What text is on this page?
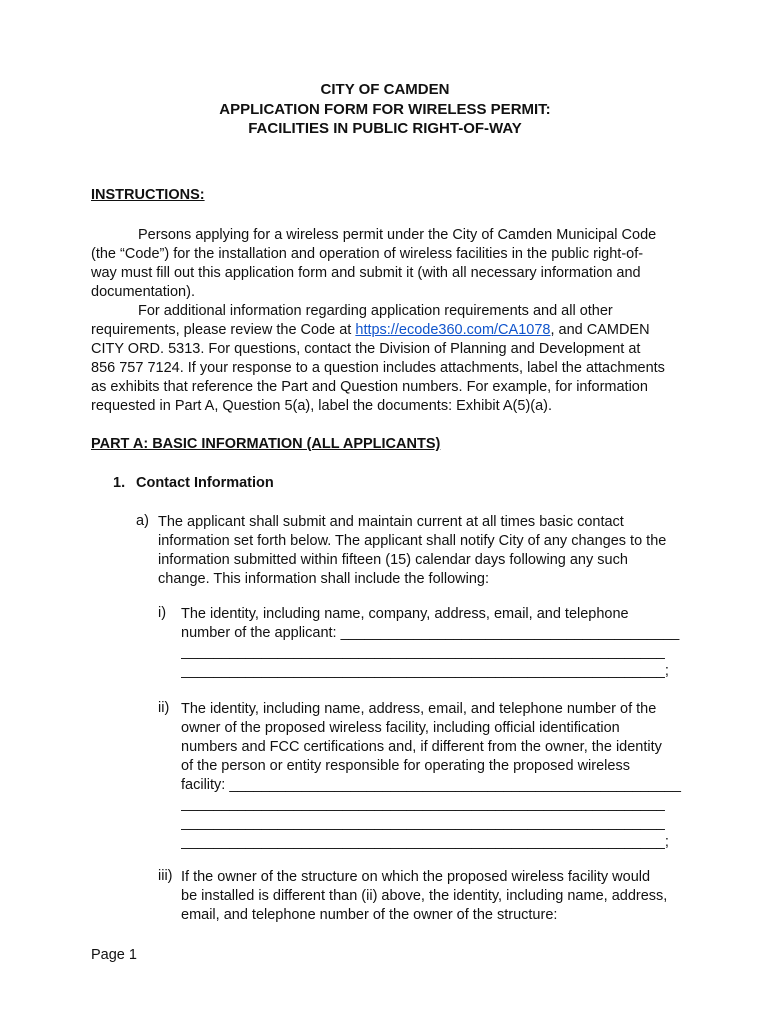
CITY OF CAMDEN
APPLICATION FORM FOR WIRELESS PERMIT:
FACILITIES IN PUBLIC RIGHT-OF-WAY
INSTRUCTIONS:
Persons applying for a wireless permit under the City of Camden Municipal Code
(the “Code”) for the installation and operation of wireless facilities in the public right-of-
way must fill out this application form and submit it (with all necessary information and
documentation).
For additional information regarding application requirements and all other
requirements, please review the Code at https://ecode360.com/CA1078, and CAMDEN
CITY ORD. 5313. For questions, contact the Division of Planning and Development at
856 757 7124. If your response to a question includes attachments, label the attachments
as exhibits that reference the Part and Question numbers. For example, for information
requested in Part A, Question 5(a), label the documents: Exhibit A(5)(a).
PART A: BASIC INFORMATION (ALL APPLICANTS)
1. Contact Information
a) The applicant shall submit and maintain current at all times basic contact
information set forth below. The applicant shall notify City of any changes to the
information submitted within fifteen (15) calendar days following any such
change. This information shall include the following:
i) The identity, including name, company, address, email, and telephone
number of the applicant: __________________________________________
____________________________________________________________
____________________________________________________________;
ii) The identity, including name, address, email, and telephone number of the
owner of the proposed wireless facility, including official identification
numbers and FCC certifications and, if different from the owner, the identity
of the person or entity responsible for operating the proposed wireless
facility: ________________________________________________________
____________________________________________________________
____________________________________________________________
____________________________________________________________;
iii) If the owner of the structure on which the proposed wireless facility would
be installed is different than (ii) above, the identity, including name, address,
email, and telephone number of the owner of the structure:
Page 1
